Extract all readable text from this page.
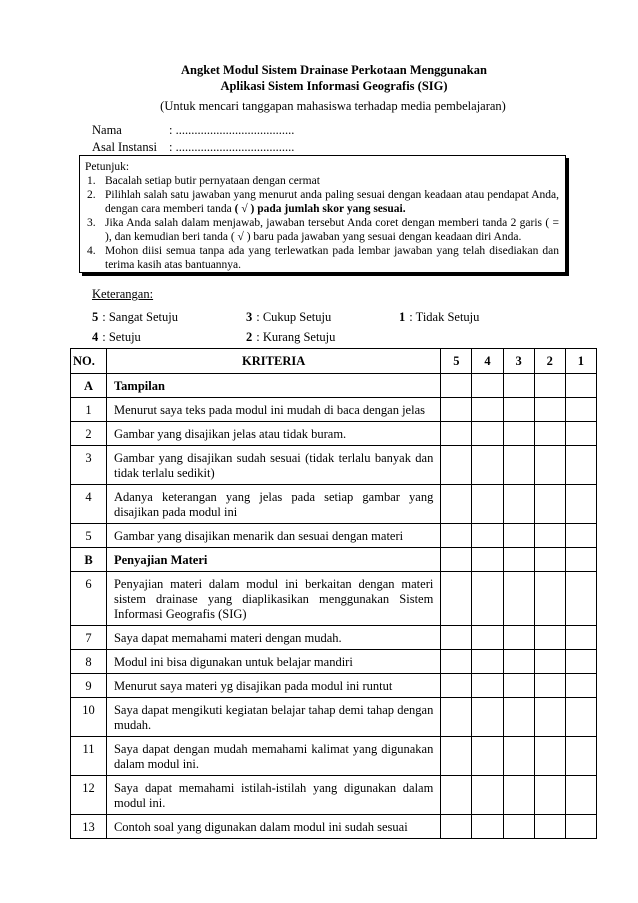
Angket Modul Sistem Drainase Perkotaan Menggunakan
Aplikasi Sistem Informasi Geografis (SIG)
(Untuk mencari tanggapan mahasiswa terhadap media pembelajaran)
Nama	: ......................................
Asal Instansi : ......................................
Petunjuk:
1. Bacalah setiap butir pernyataan dengan cermat
2. Pilihlah salah satu jawaban yang menurut anda paling sesuai dengan keadaan atau pendapat Anda, dengan cara memberi tanda ( √ ) pada jumlah skor yang sesuai.
3. Jika Anda salah dalam menjawab, jawaban tersebut Anda coret dengan memberi tanda 2 garis ( = ), dan kemudian beri tanda ( √ ) baru pada jawaban yang sesuai dengan keadaan diri Anda.
4. Mohon diisi semua tanpa ada yang terlewatkan pada lembar jawaban yang telah disediakan dan terima kasih atas bantuannya.
Keterangan:
5 : Sangat Setuju	3 : Cukup Setuju	1 : Tidak Setuju
4 : Setuju	2 : Kurang Setuju
NO.	KRITERIA	5	4	3	2	1
A	Tampilan					
1	Menurut saya teks pada modul ini mudah di baca dengan jelas					
2	Gambar yang disajikan jelas atau tidak buram.					
3	Gambar yang disajikan sudah sesuai (tidak terlalu banyak dan tidak terlalu sedikit)					
4	Adanya keterangan yang jelas pada setiap gambar yang disajikan pada modul ini					
5	Gambar yang disajikan menarik dan sesuai dengan materi					
B	Penyajian Materi					
6	Penyajian materi dalam modul ini berkaitan dengan materi sistem drainase yang diaplikasikan menggunakan Sistem Informasi Geografis (SIG)					
7	Saya dapat memahami materi dengan mudah.					
8	Modul ini bisa digunakan untuk belajar mandiri					
9	Menurut saya materi yg disajikan pada modul ini runtut					
10	Saya dapat mengikuti kegiatan belajar tahap demi tahap dengan mudah.					
11	Saya dapat dengan mudah memahami kalimat yang digunakan dalam modul ini.					
12	Saya dapat memahami istilah-istilah yang digunakan dalam modul ini.					
13	Contoh soal yang digunakan dalam modul ini sudah sesuai					
